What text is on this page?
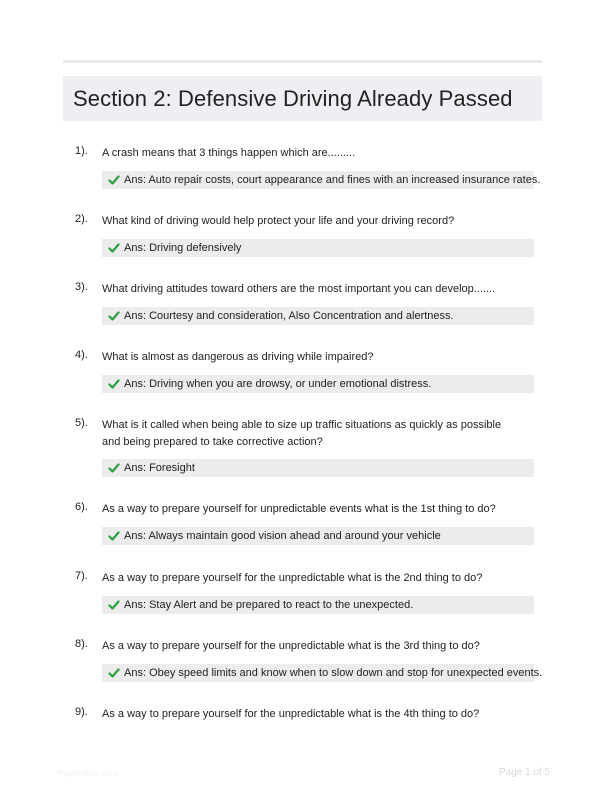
Section 2: Defensive Driving Already Passed
1). A crash means that 3 things happen which are.........
Ans: Auto repair costs, court appearance and fines with an increased insurance rates.
2). What kind of driving would help protect your life and your driving record?
Ans: Driving defensively
3). What driving attitudes toward others are the most important you can develop.......
Ans: Courtesy and consideration, Also Concentration and alertness.
4). What is almost as dangerous as driving while impaired?
Ans: Driving when you are drowsy, or under emotional distress.
5). What is it called when being able to size up traffic situations as quickly as possible and being prepared to take corrective action?
Ans: Foresight
6). As a way to prepare yourself for unpredictable events what is the 1st thing to do?
Ans: Always maintain good vision ahead and around your vehicle
7). As a way to prepare yourself for the unpredictable what is the 2nd thing to do?
Ans: Stay Alert and be prepared to react to the unexpected.
8). As a way to prepare yourself for the unpredictable what is the 3rd thing to do?
Ans: Obey speed limits and know when to slow down and stop for unexpected events.
9). As a way to prepare yourself for the unpredictable what is the 4th thing to do?
Papersbio.com	Page 1 of 5
